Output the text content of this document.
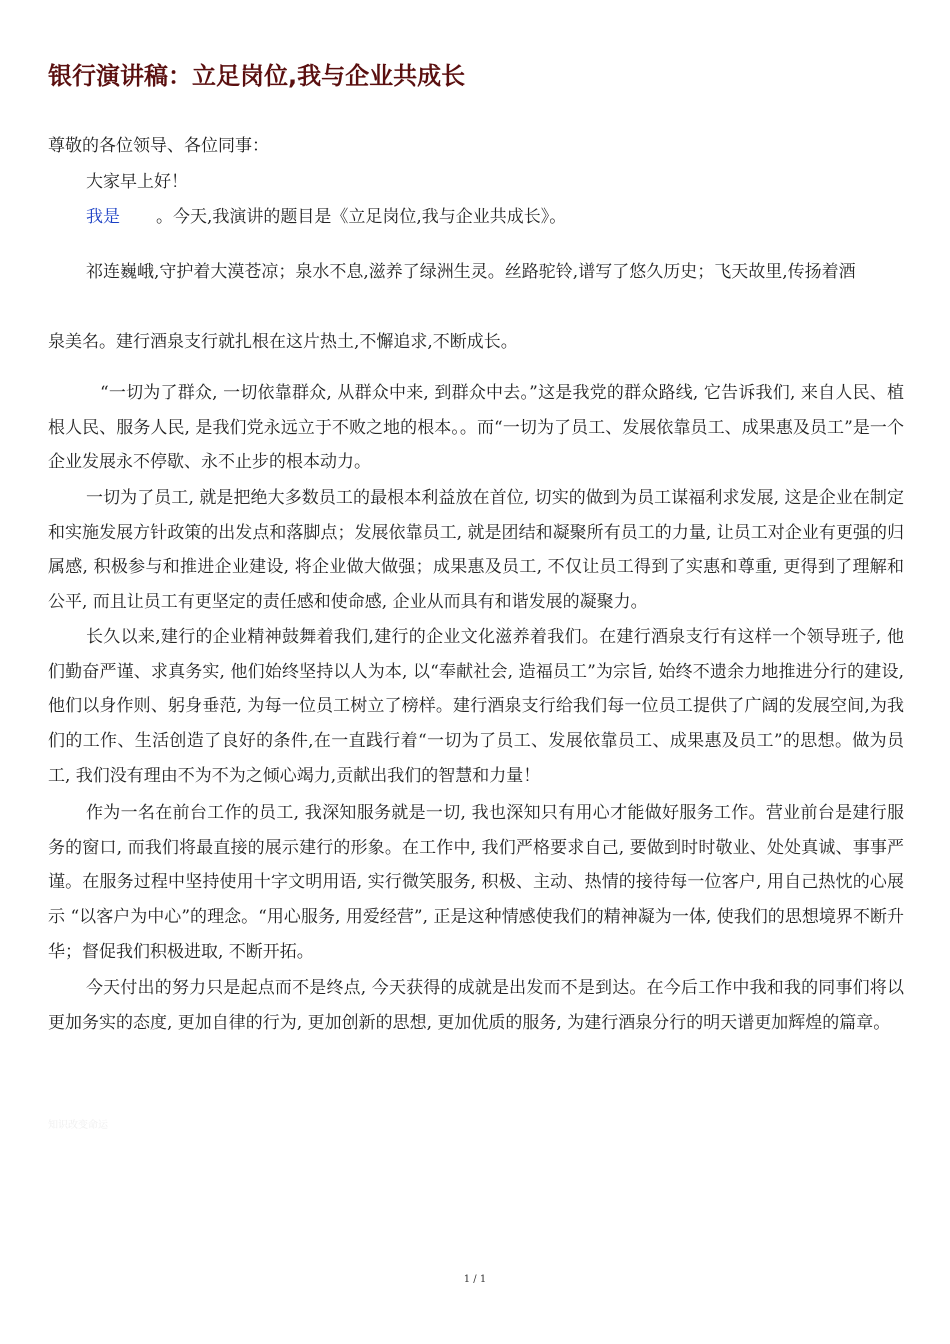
银行演讲稿：立足岗位,我与企业共成长
尊敬的各位领导、各位同事：
大家早上好！
我是 。今天,我演讲的题目是《立足岗位,我与企业共成长》。
祁连巍峨,守护着大漠苍凉；泉水不息,滋养了绿洲生灵。丝路驼铃,谱写了悠久历史；飞天故里,传扬着酒
泉美名。建行酒泉支行就扎根在这片热土,不懈追求,不断成长。

“一切为了群众, 一切依靠群众, 从群众中来, 到群众中去。”这是我党的群众路线, 它告诉我们, 来自人民、植根人民、服务人民, 是我们党永远立于不败之地的根本。。而“一切为了员工、发展依靠员工、成果惠及员工”是一个企业发展永不停歇、永不止步的根本动力。

一切为了员工, 就是把绝大多数员工的最根本利益放在首位, 切实的做到为员工谋福利求发展, 这是企业在制定和实施发展方针政策的出发点和落脚点；发展依靠员工, 就是团结和凝聚所有员工的力量, 让员工对企业有更强的归属感, 积极参与和推进企业建设, 将企业做大做强；成果惠及员工, 不仅让员工得到了实惠和尊重, 更得到了理解和公平, 而且让员工有更坚定的责任感和使命感, 企业从而具有和谐发展的凝聚力。

长久以来,建行的企业精神鼓舞着我们,建行的企业文化滋养着我们。在建行酒泉支行有这样一个领导班子, 他们勤奋严谨、求真务实, 他们始终坚持以人为本, 以“奉献社会, 造福员工”为宗旨, 始终不遗余力地推进分行的建设, 他们以身作则、躬身垂范, 为每一位员工树立了榜样。建行酒泉支行给我们每一位员工提供了广阔的发展空间,为我们的工作、生活创造了良好的条件,在一直践行着“一切为了员工、发展依靠员工、成果惠及员工”的思想。做为员工, 我们没有理由不为不为之倾心竭力,贡献出我们的智慧和力量！

作为一名在前台工作的员工, 我深知服务就是一切, 我也深知只有用心才能做好服务工作。营业前台是建行服务的窗口, 而我们将最直接的展示建行的形象。在工作中, 我们严格要求自己, 要做到时时敬业、处处真诚、事事严谨。在服务过程中坚持使用十字文明用语, 实行微笑服务, 积极、主动、热情的接待每一位客户, 用自己热忱的心展示 “以客户为中心”的理念。“用心服务, 用爱经营”, 正是这种情感使我们的精神凝为一体, 使我们的思想境界不断升华；督促我们积极进取, 不断开拓。

今天付出的努力只是起点而不是终点, 今天获得的成就是出发而不是到达。在今后工作中我和我的同事们将以更加务实的态度, 更加自律的行为, 更加创新的思想, 更加优质的服务, 为建行酒泉分行的明天谱更加辉煌的篇章。

知识改变命运
1 / 1
